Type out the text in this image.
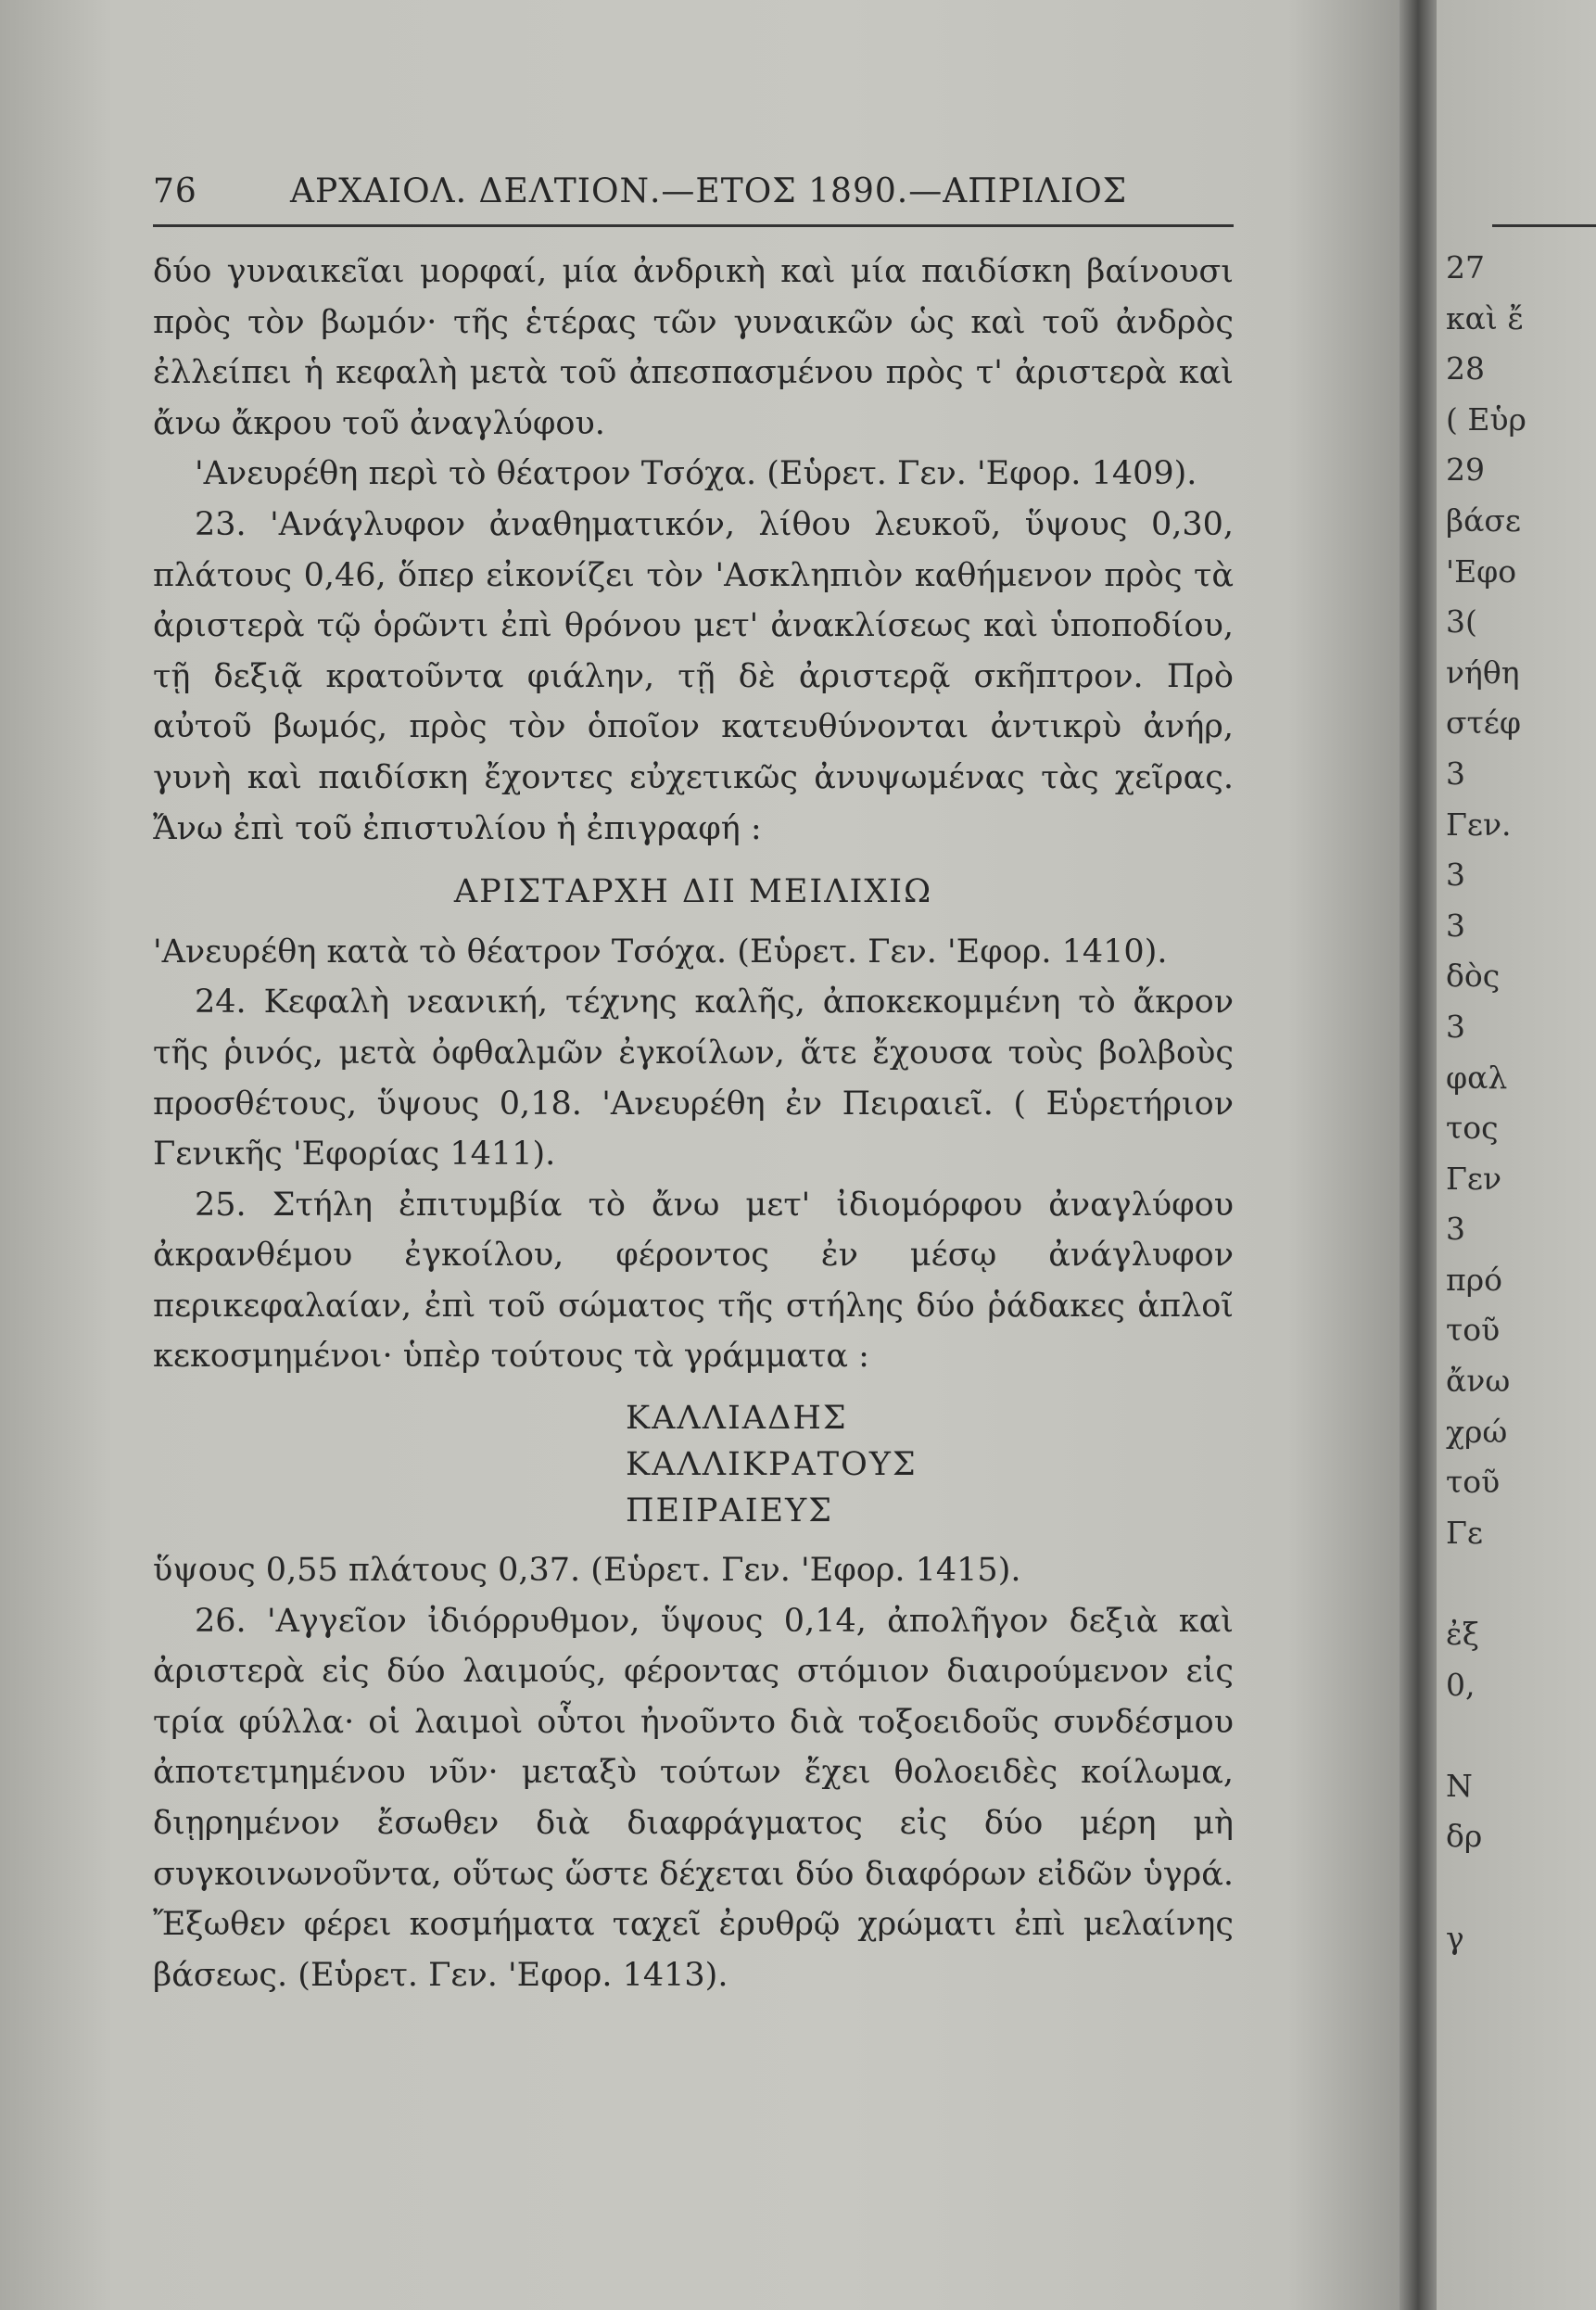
76	ΑΡΧΑΙΟΛ. ΔΕΛΤΙΟΝ.—ΕΤΟΣ 1890.—ΑΠΡΙΛΙΟΣ

δύο γυναικεῖαι μορφαί, μία ἀνδρικὴ καὶ μία παιδίσκη βαίνουσι πρὸς τὸν βωμόν· τῆς ἑτέρας τῶν γυναικῶν ὡς καὶ τοῦ ἀνδρὸς ἐλλείπει ἡ κεφαλὴ μετὰ τοῦ ἀπεσπασμένου πρὸς τ' ἀριστερὰ καὶ ἄνω ἄκρου τοῦ ἀναγλύφου.

'Ανευρέθη περὶ τὸ θέατρον Τσόχα. (Εὑρετ. Γεν. 'Εφορ. 1409).

23. 'Ανάγλυφον ἀναθηματικόν, λίθου λευκοῦ, ὕψους 0,30, πλάτους 0,46, ὅπερ εἰκονίζει τὸν 'Ασκληπιὸν καθήμενον πρὸς τὰ ἀριστερὰ τῷ ὁρῶντι ἐπὶ θρόνου μετ' ἀνακλίσεως καὶ ὑποποδίου, τῇ δεξιᾷ κρατοῦντα φιάλην, τῇ δὲ ἀριστερᾷ σκῆπτρον. Πρὸ αὐτοῦ βωμός, πρὸς τὸν ὁποῖον κατευθύνονται ἀντικρὺ ἀνήρ, γυνὴ καὶ παιδίσκη ἔχοντες εὐχετικῶς ἀνυψωμένας τὰς χεῖρας. Ἄνω ἐπὶ τοῦ ἐπιστυλίου ἡ ἐπιγραφή :

ΑΡΙΣΤΑΡΧΗ ΔΙΙ ΜΕΙΛΙΧΙΩ

'Ανευρέθη κατὰ τὸ θέατρον Τσόχα. (Εὑρετ. Γεν. 'Εφορ. 1410).

24. Κεφαλὴ νεανική, τέχνης καλῆς, ἀποκεκομμένη τὸ ἄκρον τῆς ῥινός, μετὰ ὀφθαλμῶν ἐγκοίλων, ἅτε ἔχουσα τοὺς βολβοὺς προσθέτους, ὕψους 0,18. 'Ανευρέθη ἐν Πειραιεῖ. ( Εὑρετήριον Γενικῆς 'Εφορίας 1411).

25. Στήλη ἐπιτυμβία τὸ ἄνω μετ' ἰδιομόρφου ἀναγλύφου ἀκρανθέμου ἐγκοίλου, φέροντος ἐν μέσῳ ἀνάγλυφον περικεφαλαίαν, ἐπὶ τοῦ σώματος τῆς στήλης δύο ῥάδακες ἁπλοῖ κεκοσμημένοι· ὑπὲρ τούτους τὰ γράμματα :

ΚΑΛΛΙΑΔΗΣ

ΚΑΛΛΙΚΡΑΤΟΥΣ

ΠΕΙΡΑΙΕΥΣ

ὕψους 0,55 πλάτους 0,37. (Εὑρετ. Γεν. 'Εφορ. 1415).

26. 'Αγγεῖον ἰδιόρρυθμον, ὕψους 0,14, ἀπολῆγον δεξιὰ καὶ ἀριστερὰ εἰς δύο λαιμούς, φέροντας στόμιον διαιρούμενον εἰς τρία φύλλα· οἱ λαιμοὶ οὗτοι ἠνοῦντο διὰ τοξοειδοῦς συνδέσμου ἀποτετμημένου νῦν· μεταξὺ τούτων ἔχει θολοειδὲς κοίλωμα, διῃρημένον ἔσωθεν διὰ διαφράγματος εἰς δύο μέρη μὴ συγκοινωνοῦντα, οὕτως ὥστε δέχεται δύο διαφόρων εἰδῶν ὑγρά. Ἔξωθεν φέρει κοσμήματα ταχεῖ ἐρυθρῷ χρώματι ἐπὶ μελαίνης βάσεως. (Εὑρετ. Γεν. 'Εφορ. 1413).

27
καὶ ἔ
28
( Εὑρ
29
βάσε
'Εφο
3(
νήθη
στέφ
3
Γεν.
3
3
δὸς
3
φαλ
τος
Γεν
3
πρό
τοῦ
ἄνω
χρώ
τοῦ
Γε

ἐξ
0,

Ν
δρ

γ
